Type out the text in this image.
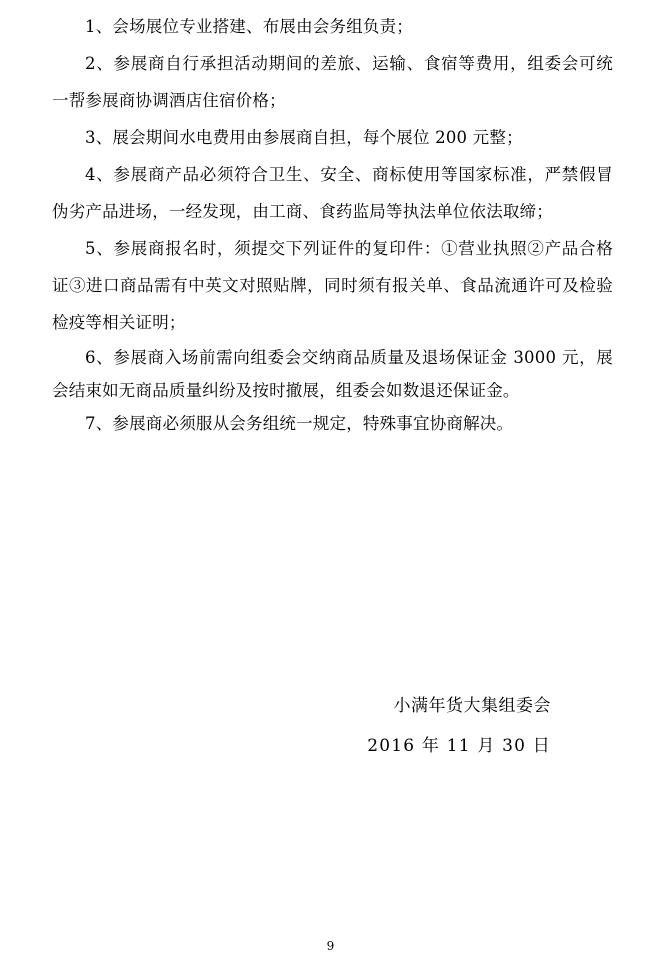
1、会场展位专业搭建、布展由会务组负责；

2、参展商自行承担活动期间的差旅、运输、食宿等费用，组委会可统一帮参展商协调酒店住宿价格；

3、展会期间水电费用由参展商自担，每个展位 200 元整；

4、参展商产品必须符合卫生、安全、商标使用等国家标准，严禁假冒伪劣产品进场，一经发现，由工商、食药监局等执法单位依法取缔；

5、参展商报名时，须提交下列证件的复印件：①营业执照②产品合格证③进口商品需有中英文对照贴牌，同时须有报关单、食品流通许可及检验检疫等相关证明；

6、参展商入场前需向组委会交纳商品质量及退场保证金 3000 元，展会结束如无商品质量纠纷及按时撤展，组委会如数退还保证金。

7、参展商必须服从会务组统一规定，特殊事宜协商解决。

小满年货大集组委会
2016 年 11 月 30 日
9
